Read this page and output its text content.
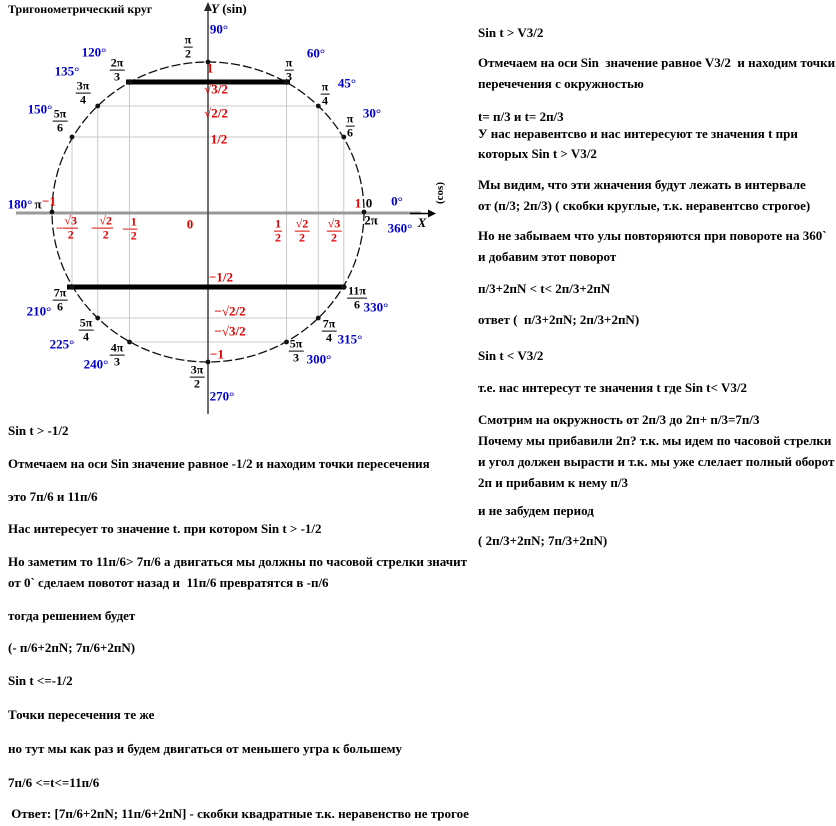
Тригонометрический круг	Y (sin)
X
(cos)
0°
30°
45°
60°
90°
120°
135°
150°
180°
210°
225°
240°
270°
300°
315°
330°
360°
0
$\frac{\pi}{6}$
$\frac{\pi}{4}$
$\frac{\pi}{3}$
$\frac{\pi}{2}$
$\frac{2\pi}{3}$
$\frac{3\pi}{4}$
$\frac{5\pi}{6}$
π
$\frac{7\pi}{6}$
$\frac{5\pi}{4}$
$\frac{4\pi}{3}$
$\frac{3\pi}{2}$
$\frac{5\pi}{3}$
$\frac{7\pi}{4}$
$\frac{11\pi}{6}$
2π
1
√3/2
√2/2
1/2
−1/2
−√2/2
−√3/2
−1
0
1
−1
$\frac{1}{2} \frac{√2}{2} \frac{√3}{2}$
− $\frac{1}{2}$
− $\frac{√2}{2}$
− $\frac{√3}{2}$
Sin t > -1/2
Отмечаем на оси Sin значение равное -1/2 и находим точки пересечения
это 7п/6 и 11п/6
Нас интересует то значение t. при котором Sin t > -1/2
Но заметим то 11п/6> 7п/6 а двигаться мы должны по часовой стрелки значит
от 0` сделаем повотот назад и  11п/6 превратятся в -п/6
тогда решением будет
(- п/6+2пN; 7п/6+2пN)
Sin t <=-1/2
Точки пересечения те же
но тут мы как раз и будем двигаться от меньшего угра к большему
7п/6 <=t<=11п/6
Ответ: [7п/6+2пN; 11п/6+2пN] - скобки квадратные т.к. неравенство не трогое
Sin t > V3/2
Отмечаем на оси Sin  значение равное V3/2  и находим точки
перечечения с окружностью
t= п/3 и t= 2п/3
У нас неравентсво и нас интересуют те значения t при
которых Sin t > V3/2
Мы видим, что эти жначения будут лежать в интервале
от (п/3; 2п/3) ( скобки круглые, т.к. неравентсво строгое)
Но не забываем что улы повторяются при повороте на 360`
и добавим этот поворот
п/3+2пN < t< 2п/3+2пN
ответ (  п/3+2пN; 2п/3+2пN)
Sin t < V3/2
т.е. нас интересут те значения t где Sin t< V3/2
Смотрим на окружность от 2п/3 до 2п+ п/3=7п/3
Почему мы прибавили 2п? т.к. мы идем по часовой стрелки
и угол должен вырасти и т.к. мы уже слелает полный оборот
2п и прибавим к нему п/3
и не забудем период
( 2п/3+2пN; 7п/3+2пN)
